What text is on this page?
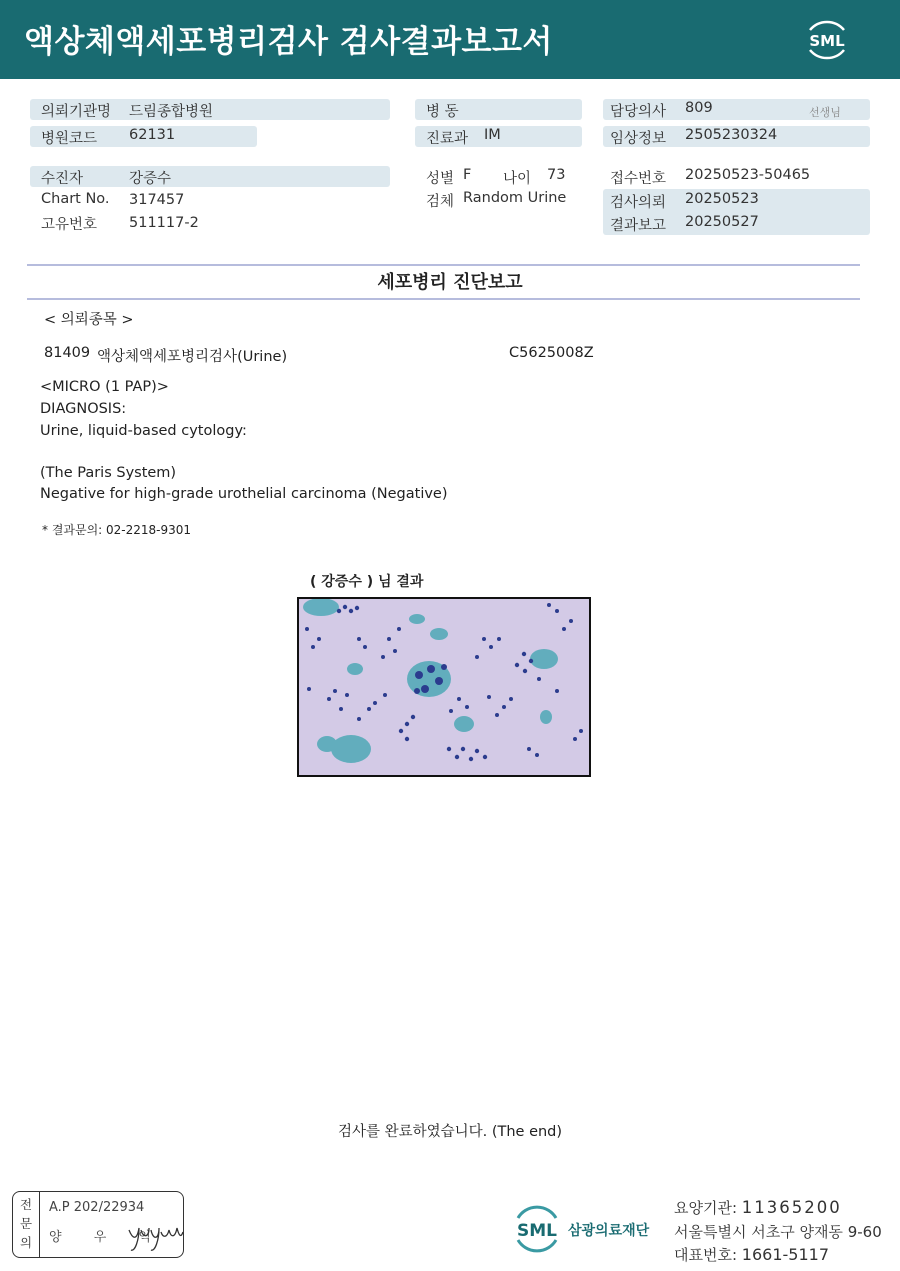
액상체액세포병리검사 검사결과보고서	SML
의뢰기관명 드림종합병원
병원코드 62131
수진자	강증수
Chart No. 317457
고유번호 511117-2
병 동
진료과 IM
성별 F 나이 73
검체 Random Urine
담당의사 809	선생님
임상정보 2505230324
접수번호 20250523-50465
검사의뢰 20250523
결과보고 20250527
세포병리 진단보고
< 의뢰종목 >
81409 액상체액세포병리검사(Urine)	C5625008Z
<MICRO (1 PAP)>
DIAGNOSIS:
Urine, liquid-based cytology:
(The Paris System)
Negative for high-grade urothelial carcinoma (Negative)
* 결과문의: 02-2218-9301
( 강증수 ) 님 결과
검사를 완료하였습니다. (The end)
전
문
의
A.P 202/22934
양 우 익	SML 삼광의료재단
요양기관: 11365200
서울특별시 서초구 양재동 9-60
대표번호: 1661-5117
